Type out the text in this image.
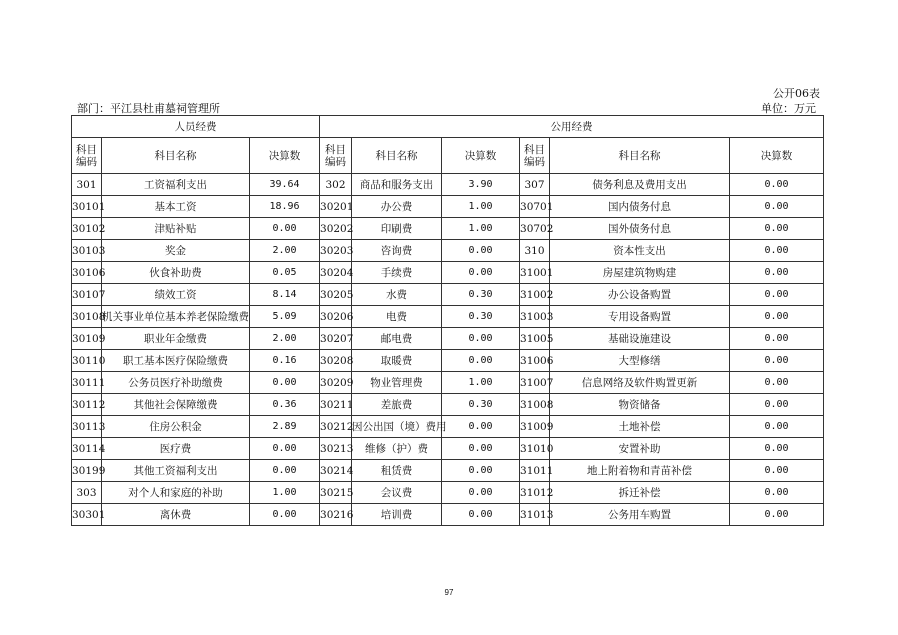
公开06表
部门：平江县杜甫墓祠管理所	单位：万元
人员经费			公用经费					
科目编码	科目名称	决算数	科目编码	科目名称	决算数	科目编码	科目名称	决算数
301	工资福利支出	39.64	302	商品和服务支出	3.90	307	债务利息及费用支出	0.00
30101	基本工资	18.96	30201	办公费	1.00	30701	国内债务付息	0.00
30102	津贴补贴	0.00	30202	印刷费	1.00	30702	国外债务付息	0.00
30103	奖金	2.00	30203	咨询费	0.00	310	资本性支出	0.00
30106	伙食补助费	0.05	30204	手续费	0.00	31001	房屋建筑物购建	0.00
30107	绩效工资	8.14	30205	水费	0.30	31002	办公设备购置	0.00
30108	机关事业单位基本养老保险缴费	5.09	30206	电费	0.30	31003	专用设备购置	0.00
30109	职业年金缴费	2.00	30207	邮电费	0.00	31005	基础设施建设	0.00
30110	职工基本医疗保险缴费	0.16	30208	取暖费	0.00	31006	大型修缮	0.00
30111	公务员医疗补助缴费	0.00	30209	物业管理费	1.00	31007	信息网络及软件购置更新	0.00
30112	其他社会保障缴费	0.36	30211	差旅费	0.30	31008	物资储备	0.00
30113	住房公积金	2.89	30212	因公出国（境）费用	0.00	31009	土地补偿	0.00
30114	医疗费	0.00	30213	维修（护）费	0.00	31010	安置补助	0.00
30199	其他工资福利支出	0.00	30214	租赁费	0.00	31011	地上附着物和青苗补偿	0.00
303	对个人和家庭的补助	1.00	30215	会议费	0.00	31012	拆迁补偿	0.00
30301	离休费	0.00	30216	培训费	0.00	31013	公务用车购置	0.00
97
